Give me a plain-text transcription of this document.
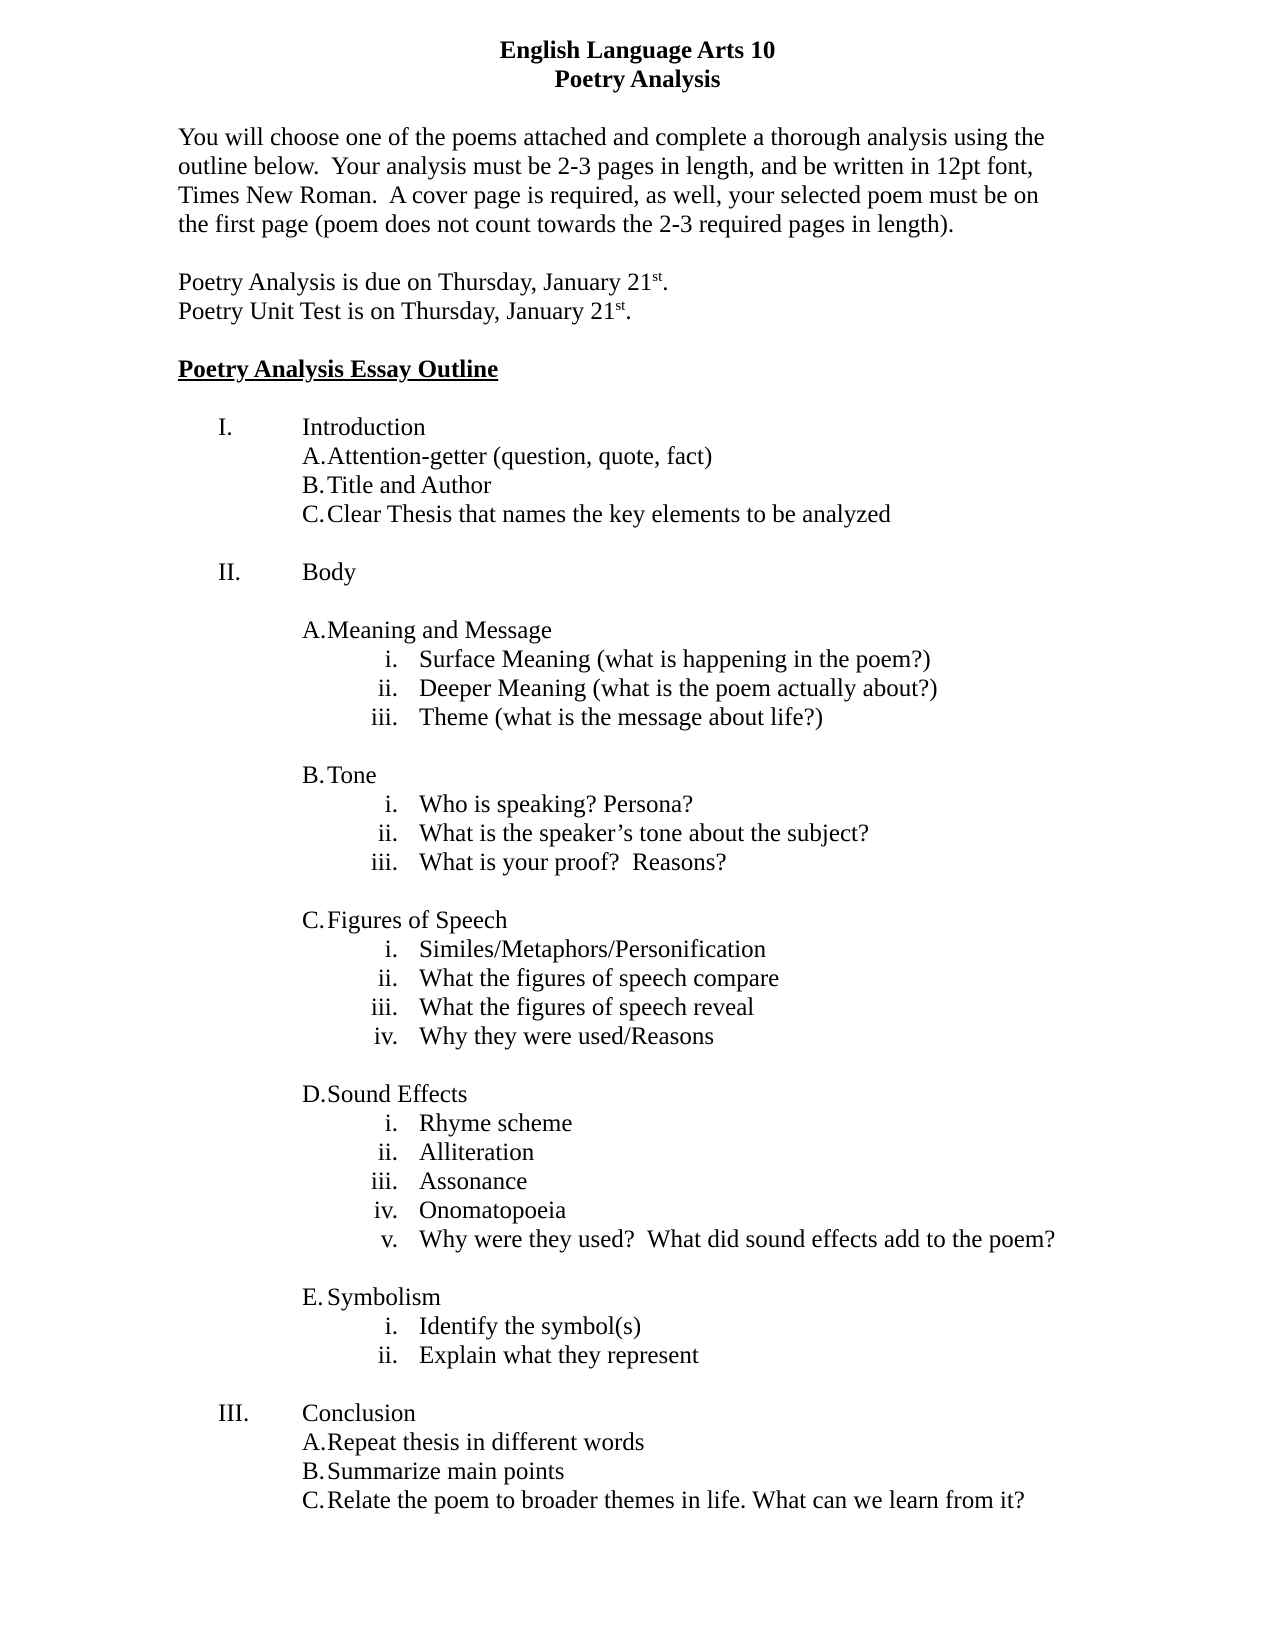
English Language Arts 10
Poetry Analysis
You will choose one of the poems attached and complete a thorough analysis using the
outline below.  Your analysis must be 2-3 pages in length, and be written in 12pt font,
Times New Roman.  A cover page is required, as well, your selected poem must be on
the first page (poem does not count towards the 2-3 required pages in length).
Poetry Analysis is due on Thursday, January 21st.
Poetry Unit Test is on Thursday, January 21st.
Poetry Analysis Essay Outline
I.	Introduction
A. Attention-getter (question, quote, fact)
B. Title and Author
C. Clear Thesis that names the key elements to be analyzed
II.	Body
A. Meaning and Message
i. Surface Meaning (what is happening in the poem?)
ii. Deeper Meaning (what is the poem actually about?)
iii. Theme (what is the message about life?)
B. Tone
i. Who is speaking? Persona?
ii. What is the speaker’s tone about the subject?
iii. What is your proof?  Reasons?
C. Figures of Speech
i. Similes/Metaphors/Personification
ii. What the figures of speech compare
iii. What the figures of speech reveal
iv. Why they were used/Reasons
D. Sound Effects
i. Rhyme scheme
ii. Alliteration
iii. Assonance
iv. Onomatopoeia
v. Why were they used?  What did sound effects add to the poem?
E. Symbolism
i. Identify the symbol(s)
ii. Explain what they represent
III.	Conclusion
A. Repeat thesis in different words
B. Summarize main points
C. Relate the poem to broader themes in life. What can we learn from it?
